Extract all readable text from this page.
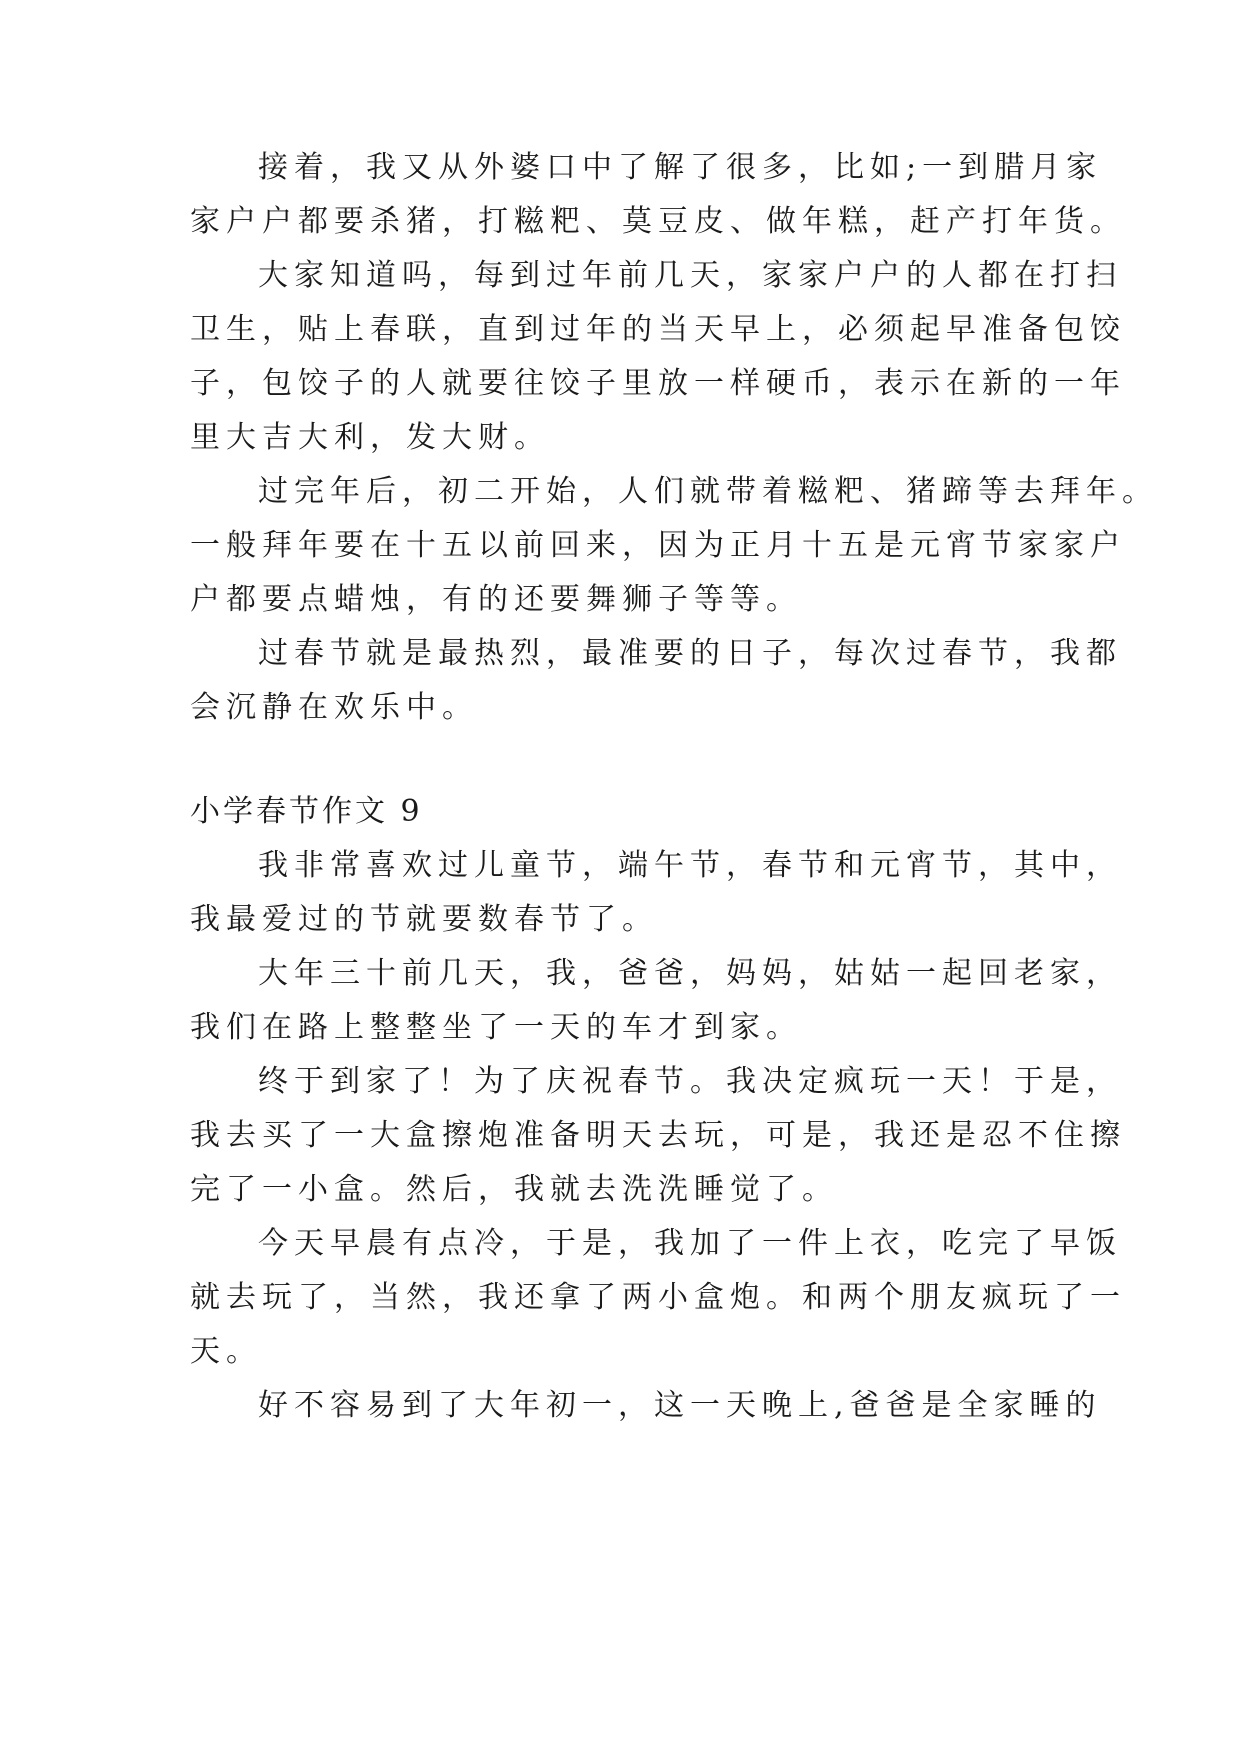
接着，我又从外婆口中了解了很多，比如;一到腊月家
家户户都要杀猪，打糍粑、莫豆皮、做年糕，赶产打年货。
大家知道吗，每到过年前几天，家家户户的人都在打扫
卫生，贴上春联，直到过年的当天早上，必须起早准备包饺
子，包饺子的人就要往饺子里放一样硬币，表示在新的一年
里大吉大利，发大财。
过完年后，初二开始，人们就带着糍粑、猪蹄等去拜年。
一般拜年要在十五以前回来，因为正月十五是元宵节家家户
户都要点蜡烛，有的还要舞狮子等等。
过春节就是最热烈，最准要的日子，每次过春节，我都
会沉静在欢乐中。
小学春节作文 9
我非常喜欢过儿童节，端午节，春节和元宵节，其中，
我最爱过的节就要数春节了。
大年三十前几天，我，爸爸，妈妈，姑姑一起回老家，
我们在路上整整坐了一天的车才到家。
终于到家了！为了庆祝春节。我决定疯玩一天！于是，
我去买了一大盒擦炮准备明天去玩，可是，我还是忍不住擦
完了一小盒。然后，我就去洗洗睡觉了。
今天早晨有点冷，于是，我加了一件上衣，吃完了早饭
就去玩了，当然，我还拿了两小盒炮。和两个朋友疯玩了一
天。
好不容易到了大年初一，这一天晚上,爸爸是全家睡的
